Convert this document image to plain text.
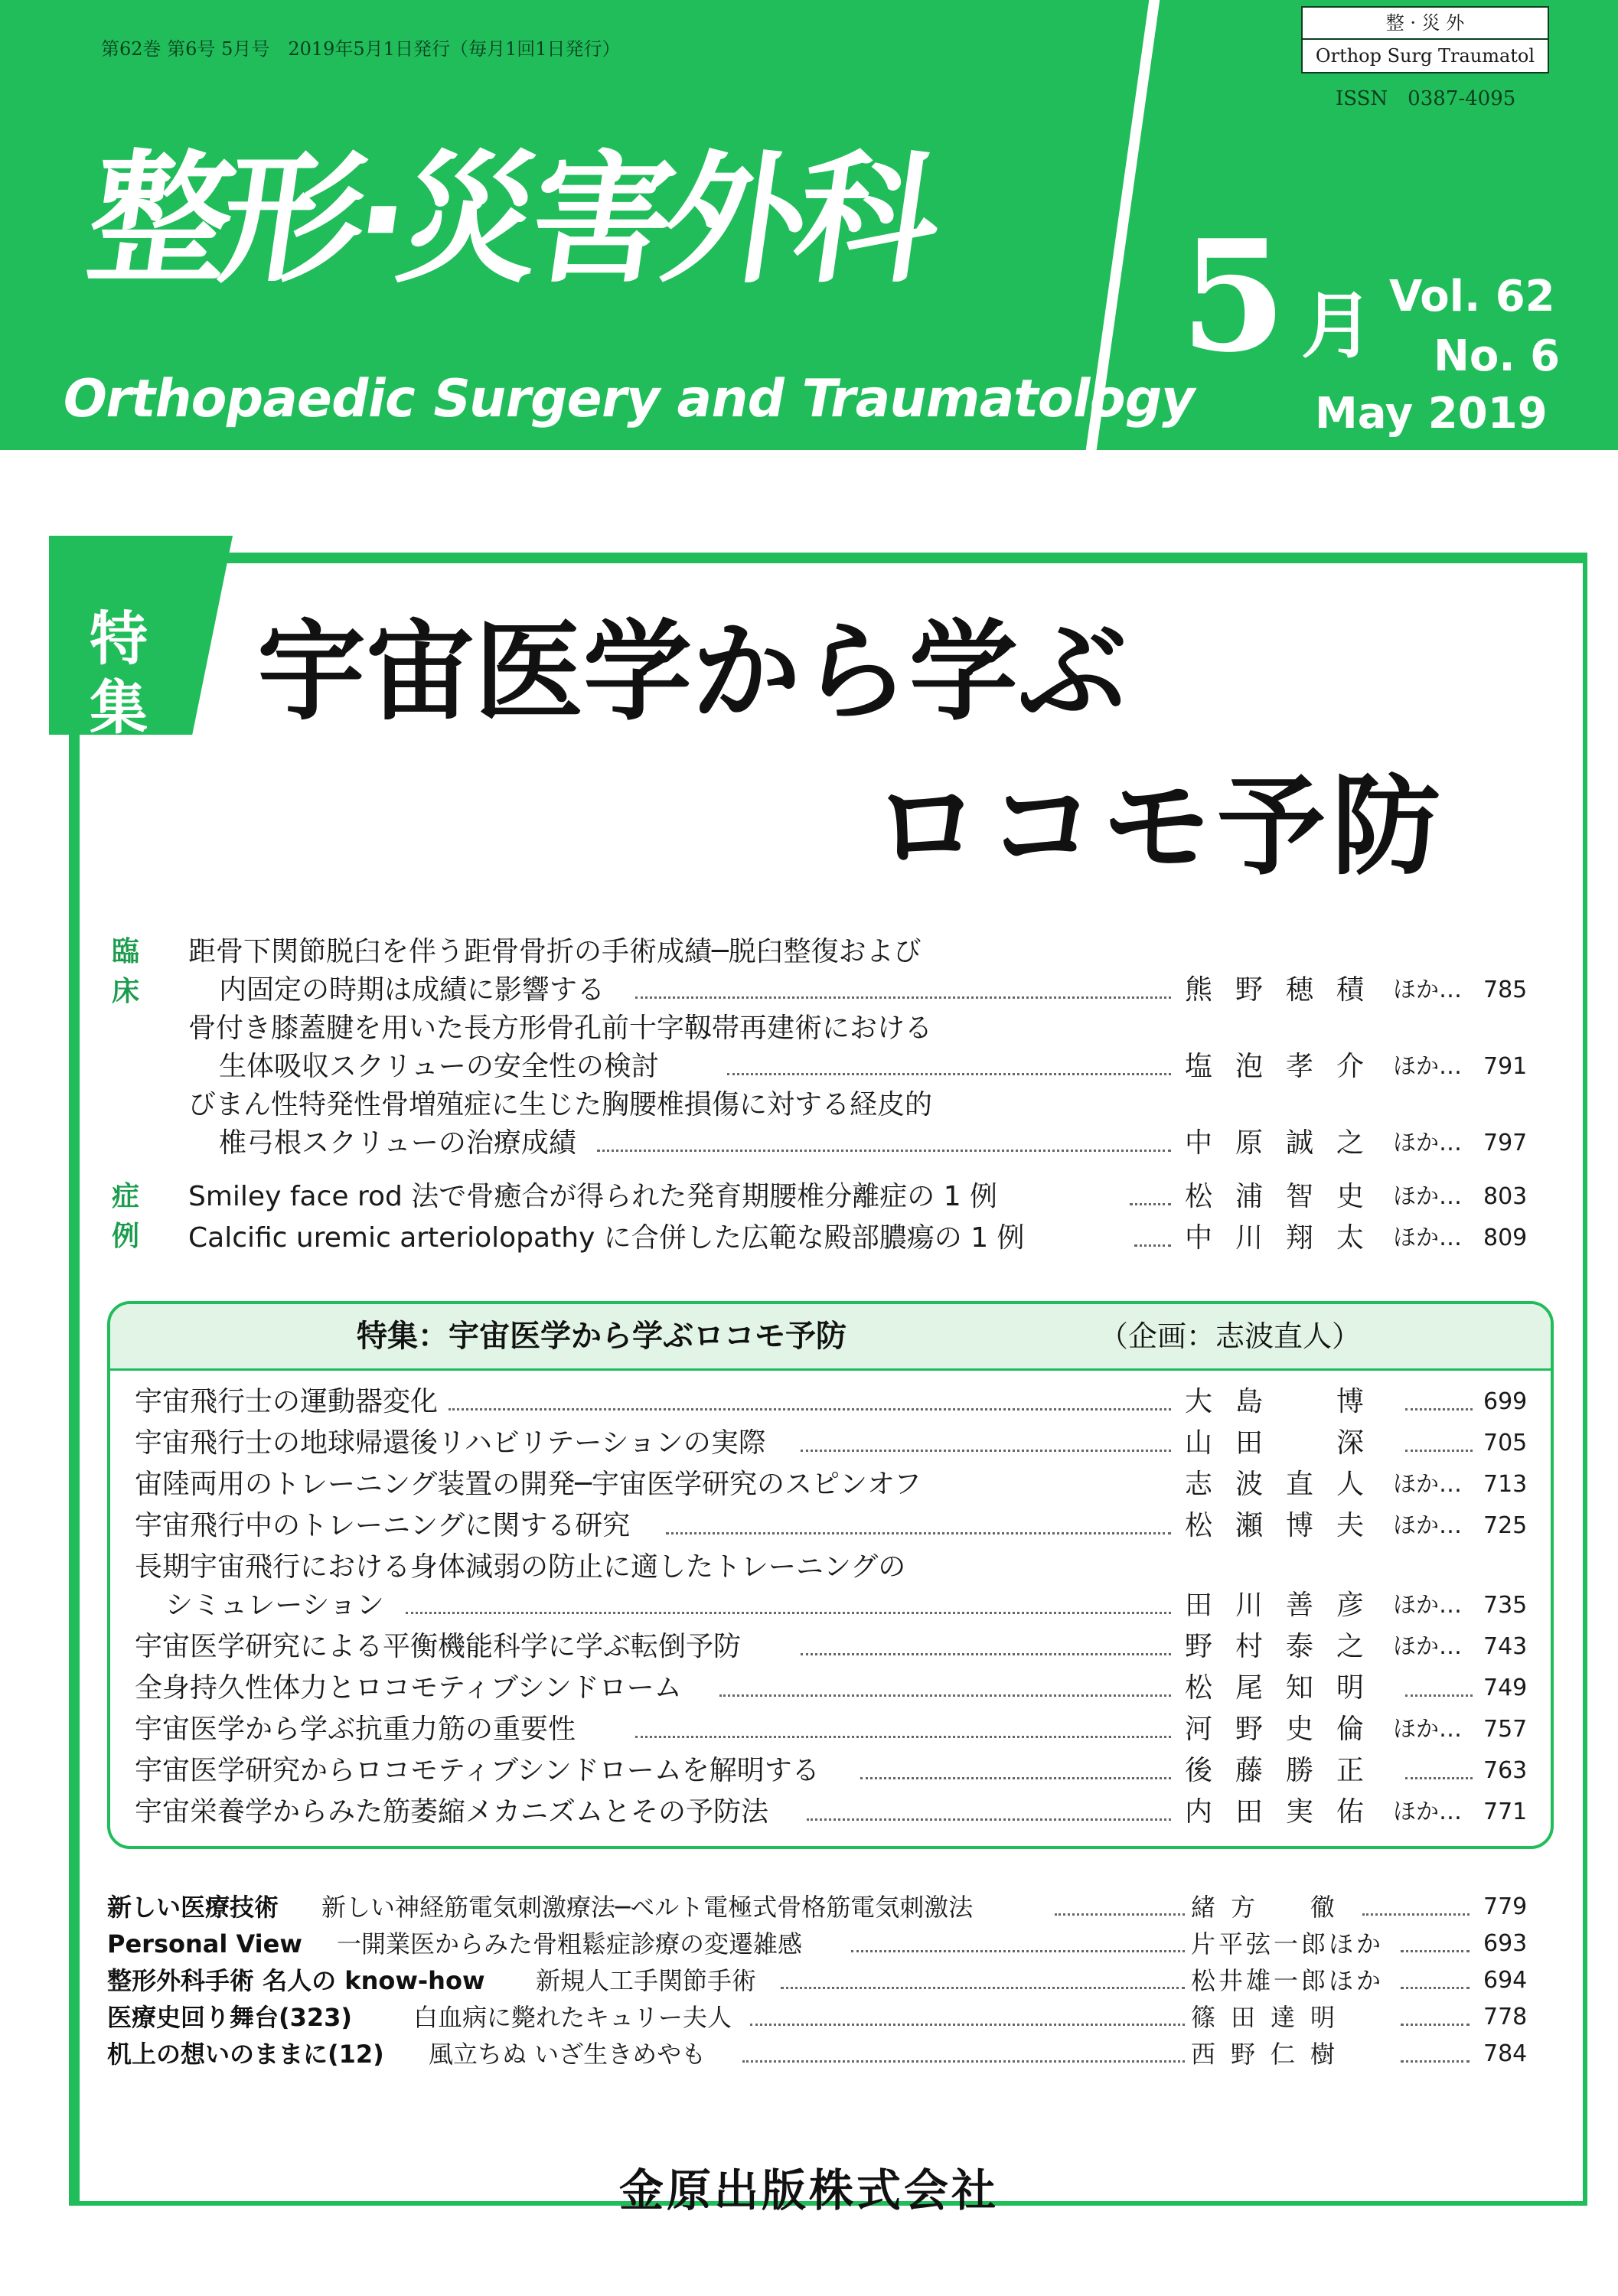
第62巻 第6号 5月号　2019年5月1日発行（毎月1回1日発行）
整 · 災 外
Orthop Surg Traumatol
ISSN　0387-4095
整形·災害外科
Orthopaedic Surgery and Traumatology
5 月 Vol. 62
No. 6
May 2019
特集 宇宙医学から学ぶ
ロコモ予防
臨床
距骨下関節脱臼を伴う距骨骨折の手術成績─脱臼整復および
内固定の時期は成績に影響する	熊野穂積 ほか… 785
骨付き膝蓋腱を用いた長方形骨孔前十字靱帯再建術における
生体吸収スクリューの安全性の検討	塩泡孝介 ほか… 791
びまん性特発性骨増殖症に生じた胸腰椎損傷に対する経皮的
椎弓根スクリューの治療成績	中原誠之 ほか… 797
症例
Smiley face rod 法で骨癒合が得られた発育期腰椎分離症の 1 例	松浦智史 ほか… 803
Calcific uremic arteriolopathy に合併した広範な殿部膿瘍の 1 例	中川翔太 ほか… 809
特集：宇宙医学から学ぶロコモ予防	（企画：志波直人）
宇宙飛行士の運動器変化	大島　博	699
宇宙飛行士の地球帰還後リハビリテーションの実際	山田　深	705
宙陸両用のトレーニング装置の開発─宇宙医学研究のスピンオフ	志波直人 ほか… 713
宇宙飛行中のトレーニングに関する研究	松瀬博夫 ほか… 725
長期宇宙飛行における身体減弱の防止に適したトレーニングの
シミュレーション	田川善彦 ほか… 735
宇宙医学研究による平衡機能科学に学ぶ転倒予防	野村泰之 ほか… 743
全身持久性体力とロコモティブシンドローム	松尾知明	749
宇宙医学から学ぶ抗重力筋の重要性	河野史倫 ほか… 757
宇宙医学研究からロコモティブシンドロームを解明する	後藤勝正	763
宇宙栄養学からみた筋萎縮メカニズムとその予防法	内田実佑 ほか… 771
新しい医療技術 新しい神経筋電気刺激療法─ベルト電極式骨格筋電気刺激法	緒方　徹	779
Personal View 一開業医からみた骨粗鬆症診療の変遷雑感	片平弦一郎ほか	693
整形外科手術 名人の know-how 新規人工手関節手術	松井雄一郎ほか	694
医療史回り舞台(323) 白血病に斃れたキュリー夫人	篠田達明	778
机上の想いのままに(12) 風立ちぬ いざ生きめやも	西野仁樹	784
金原出版株式会社
